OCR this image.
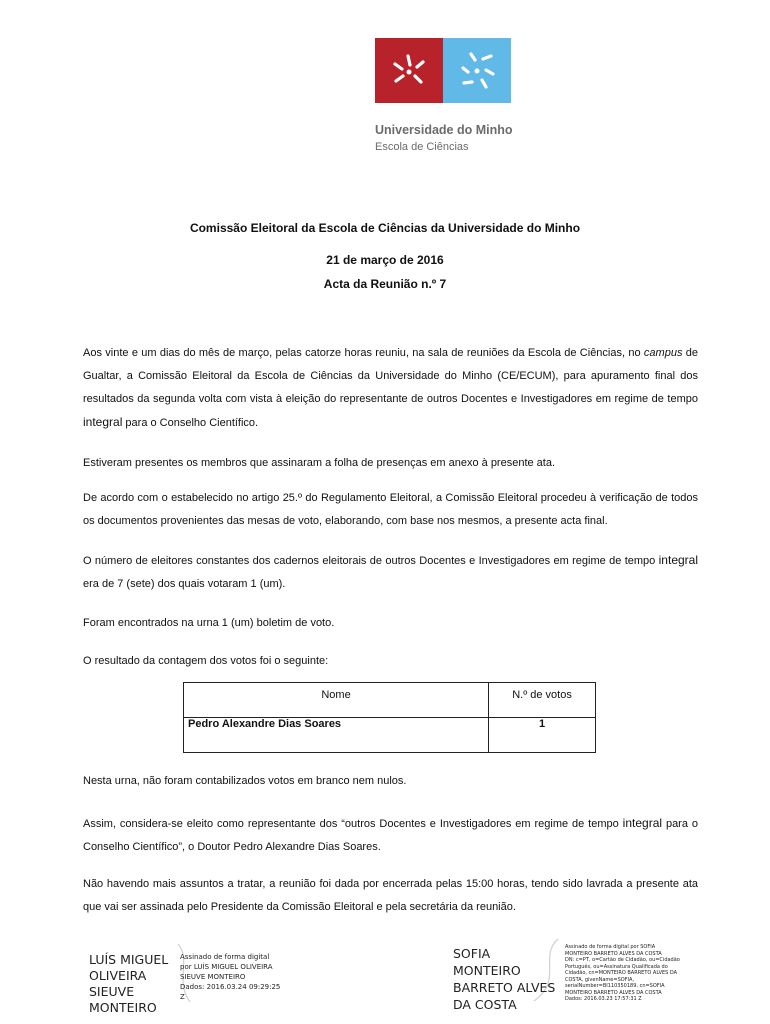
Universidade do Minho
Escola de Ciências
Comissão Eleitoral da Escola de Ciências da Universidade do Minho
21 de março de 2016
Acta da Reunião n.º 7

Aos vinte e um dias do mês de março, pelas catorze horas reuniu, na sala de reuniões da Escola de Ciências, no campus de Gualtar, a Comissão Eleitoral da Escola de Ciências da Universidade do Minho (CE/ECUM), para apuramento final dos resultados da segunda volta com vista à eleição do representante de outros Docentes e Investigadores em regime de tempo integral para o Conselho Científico.

Estiveram presentes os membros que assinaram a folha de presenças em anexo à presente ata.

De acordo com o estabelecido no artigo 25.º do Regulamento Eleitoral, a Comissão Eleitoral procedeu à verificação de todos os documentos provenientes das mesas de voto, elaborando, com base nos mesmos, a presente acta final.

O número de eleitores constantes dos cadernos eleitorais de outros Docentes e Investigadores em regime de tempo integral era de 7 (sete) dos quais votaram 1 (um).

Foram encontrados na urna 1 (um) boletim de voto.

O resultado da contagem dos votos foi o seguinte:

Nome	N.º de votos
Pedro Alexandre Dias Soares	1

Nesta urna, não foram contabilizados votos em branco nem nulos.

Assim, considera-se eleito como representante dos “outros Docentes e Investigadores em regime de tempo integral para o Conselho Científico”, o Doutor Pedro Alexandre Dias Soares.

Não havendo mais assuntos a tratar, a reunião foi dada por encerrada pelas 15:00 horas, tendo sido lavrada a presente ata que vai ser assinada pelo Presidente da Comissão Eleitoral e pela secretária da reunião.

LUÍS MIGUEL
OLIVEIRA SIEUVE
MONTEIRO
Assinado de forma digital
por LUÍS MIGUEL OLIVEIRA
SIEUVE MONTEIRO
Dados: 2016.03.24 09:29:25
Z
SOFIA MONTEIRO
BARRETO ALVES
DA COSTA
Assinado de forma digital por SOFIA
MONTEIRO BARRETO ALVES DA COSTA
DN: c=PT, o=Cartão de Cidadão, ou=Cidadão
Português, ou=Assinatura Qualificada do
Cidadão, cn=MONTEIRO BARRETO ALVES DA
COSTA, givenName=SOFIA,
serialNumber=BI110350189, cn=SOFIA
MONTEIRO BARRETO ALVES DA COSTA
Dados: 2016.03.23 17:57:31 Z
